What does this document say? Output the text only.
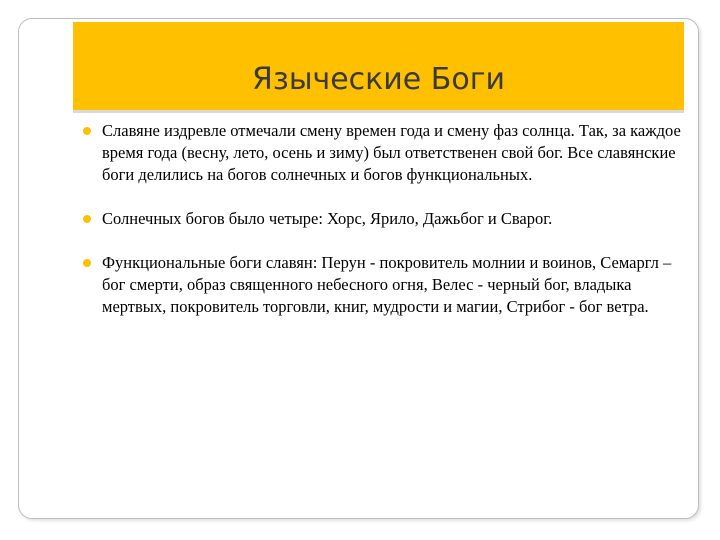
Языческие Боги
Славяне издревле отмечали смену времен года и смену фаз солнца. Так, за каждое время года (весну, лето, осень и зиму) был ответственен свой бог. Все славянские боги делились на богов солнечных и богов функциональных.
Солнечных богов было четыре: Хорс, Ярило, Дажьбог и Сварог.
Функциональные боги славян: Перун - покровитель молнии и воинов, Семаргл – бог смерти, образ священного небесного огня, Велес - черный бог, владыка мертвых, покровитель торговли, книг, мудрости и магии, Стрибог - бог ветра.
